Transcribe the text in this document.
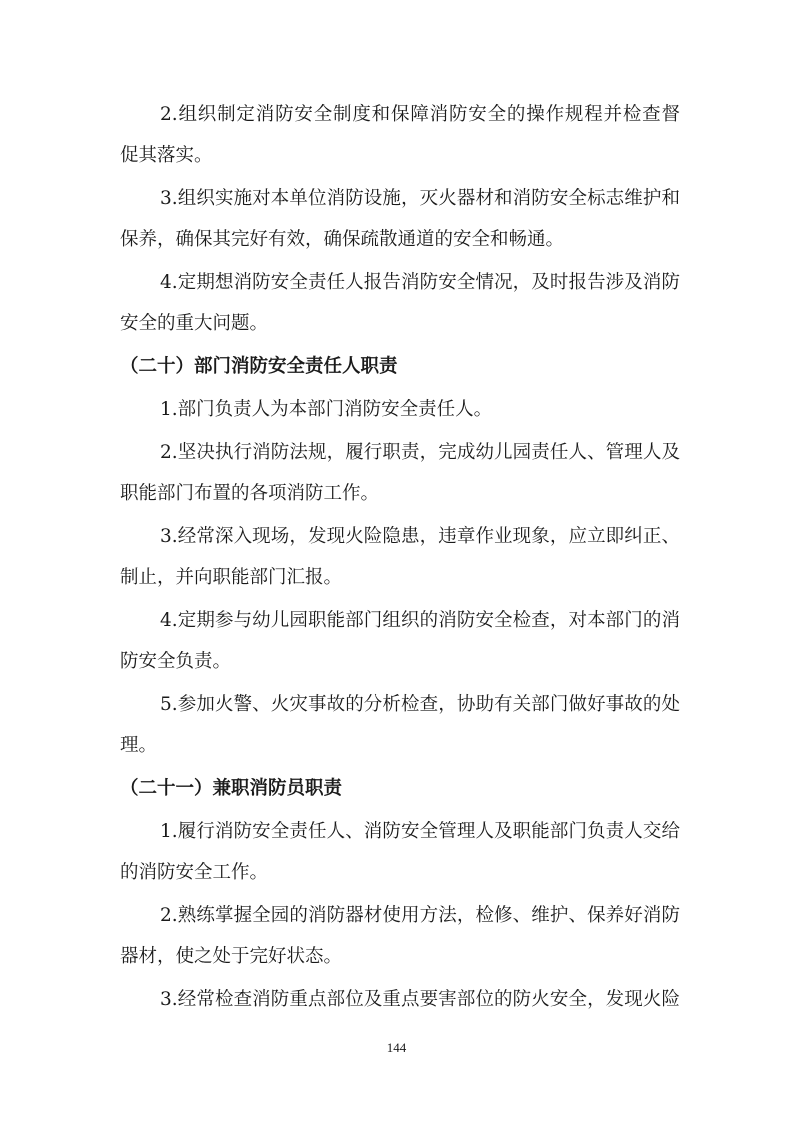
2.组织制定消防安全制度和保障消防安全的操作规程并检查督
促其落实。
3.组织实施对本单位消防设施，灭火器材和消防安全标志维护和
保养，确保其完好有效，确保疏散通道的安全和畅通。
4.定期想消防安全责任人报告消防安全情况，及时报告涉及消防
安全的重大问题。
（二十）部门消防安全责任人职责
1.部门负责人为本部门消防安全责任人。
2.坚决执行消防法规，履行职责，完成幼儿园责任人、管理人及
职能部门布置的各项消防工作。
3.经常深入现场，发现火险隐患，违章作业现象，应立即纠正、
制止，并向职能部门汇报。
4.定期参与幼儿园职能部门组织的消防安全检查，对本部门的消
防安全负责。
5.参加火警、火灾事故的分析检查，协助有关部门做好事故的处
理。
（二十一）兼职消防员职责
1.履行消防安全责任人、消防安全管理人及职能部门负责人交给
的消防安全工作。
2.熟练掌握全园的消防器材使用方法，检修、维护、保养好消防
器材，使之处于完好状态。
3.经常检查消防重点部位及重点要害部位的防火安全，发现火险
144
